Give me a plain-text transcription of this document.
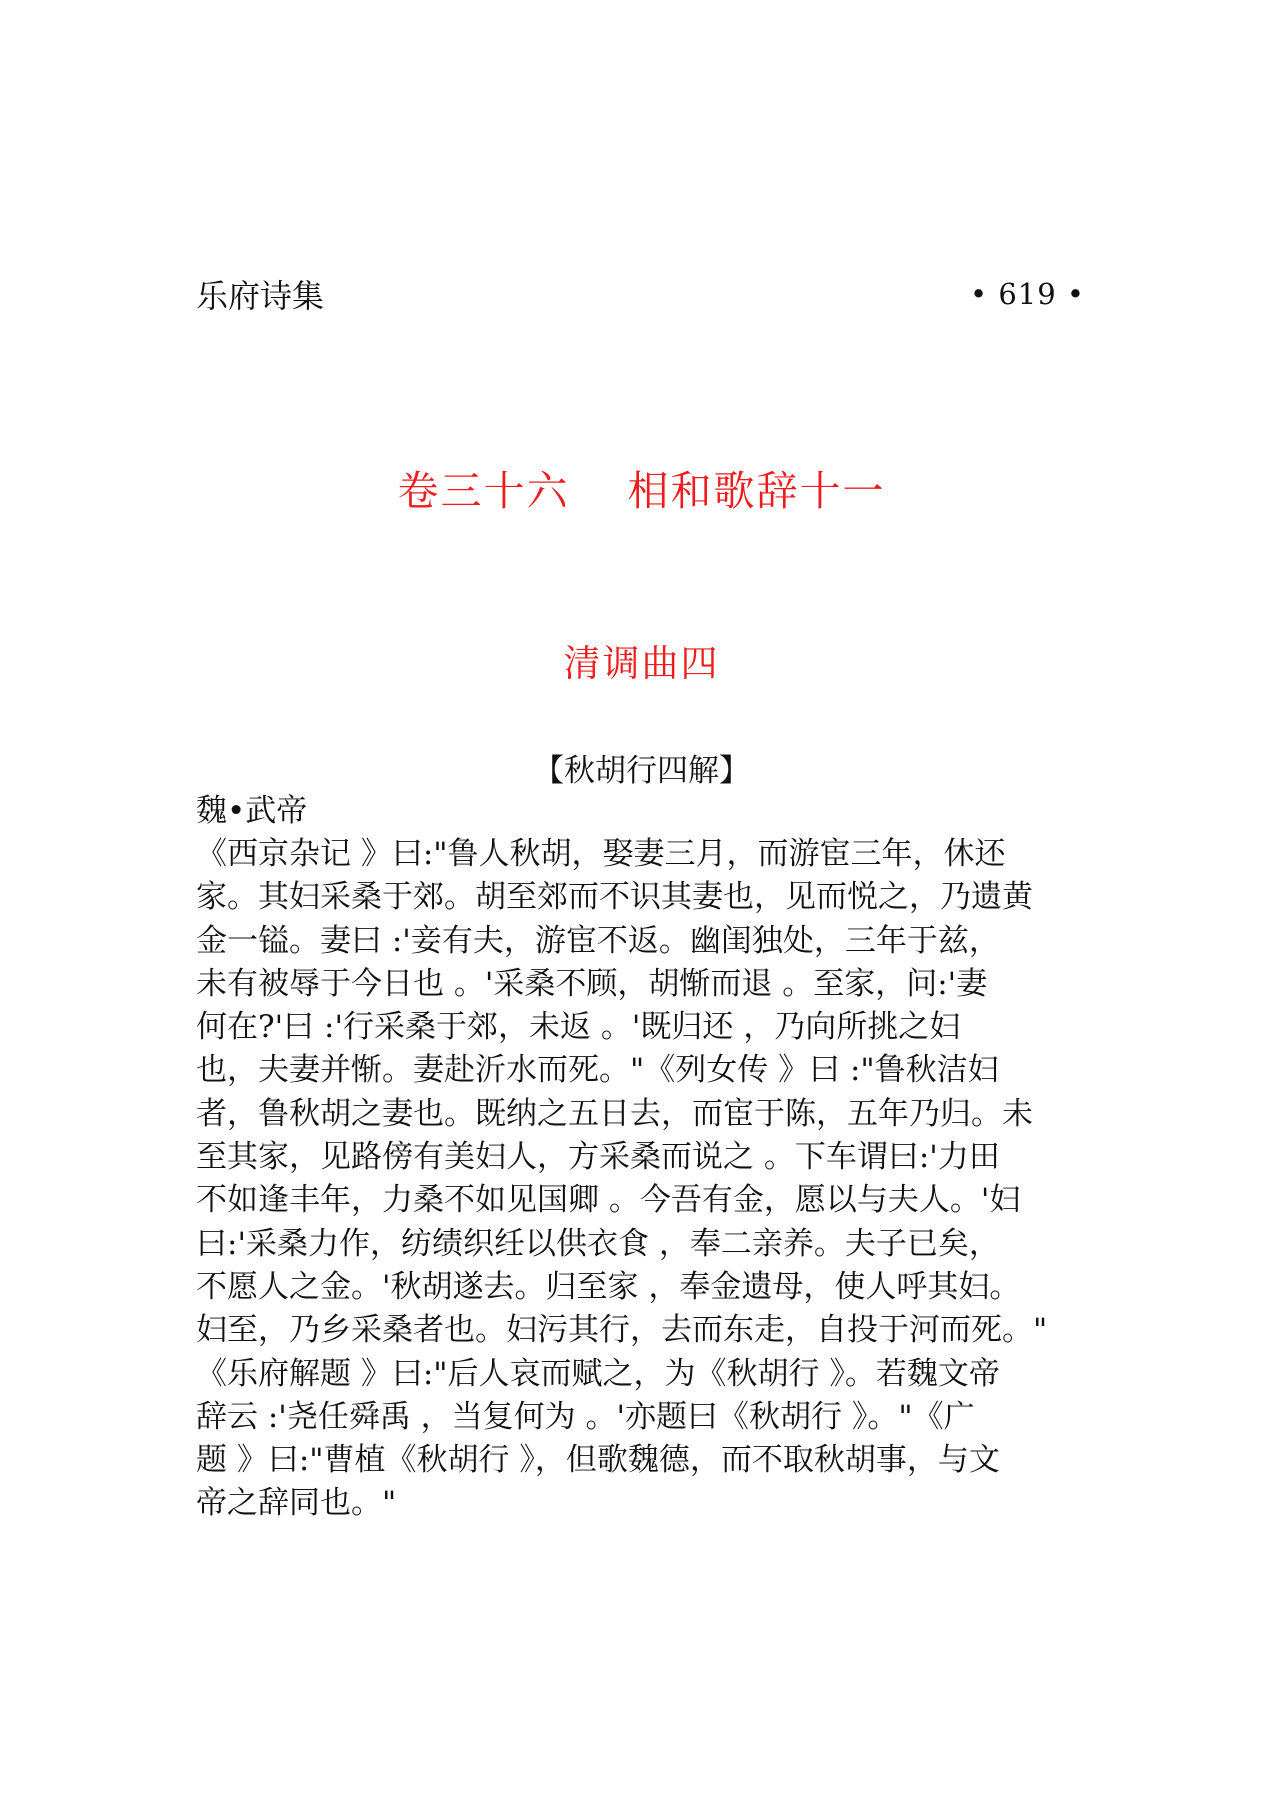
乐府诗集	• 619 •
卷三十六　 相和歌辞十一
清调曲四
【秋胡行四解】
魏•武帝
《西京杂记 》曰:"鲁人秋胡，娶妻三月，而游宦三年，休还
家。其妇采桑于郊。胡至郊而不识其妻也，见而悦之，乃遗黄
金一镒。妻曰 :'妾有夫，游宦不返。幽闺独处，三年于兹，
未有被辱于今日也 。'采桑不顾，胡惭而退 。至家，问:'妻
何在?'曰 :'行采桑于郊，未返 。'既归还 ，乃向所挑之妇
也，夫妻并惭。妻赴沂水而死。"《列女传 》曰 :"鲁秋洁妇
者，鲁秋胡之妻也。既纳之五日去，而宦于陈，五年乃归。未
至其家，见路傍有美妇人，方采桑而说之 。下车谓曰:'力田
不如逢丰年，力桑不如见国卿 。今吾有金，愿以与夫人。'妇
曰:'采桑力作，纺绩织纴以供衣食 ，奉二亲养。夫子已矣，
不愿人之金。'秋胡遂去。归至家 ，奉金遗母，使人呼其妇。
妇至，乃乡采桑者也。妇污其行，去而东走，自投于河而死。"
《乐府解题 》曰:"后人哀而赋之，为《秋胡行 》。若魏文帝
辞云 :'尧任舜禹 ，当复何为 。'亦题曰《秋胡行 》。"《广
题 》曰:"曹植《秋胡行 》，但歌魏德，而不取秋胡事，与文
帝之辞同也。"
